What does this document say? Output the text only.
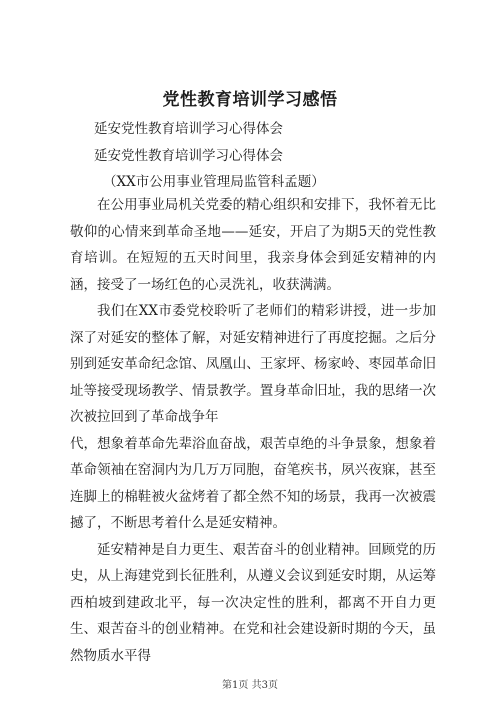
党性教育培训学习感悟
延安党性教育培训学习心得体会
延安党性教育培训学习心得体会
（XX市公用事业管理局监管科孟题）

在公用事业局机关党委的精心组织和安排下，我怀着无比敬仰的心情来到革命圣地——延安，开启了为期5天的党性教育培训。在短短的五天时间里，我亲身体会到延安精神的内涵，接受了一场红色的心灵洗礼，收获满满。

我们在XX市委党校聆听了老师们的精彩讲授，进一步加深了对延安的整体了解，对延安精神进行了再度挖掘。之后分别到延安革命纪念馆、凤凰山、王家坪、杨家岭、枣园革命旧址等接受现场教学、情景教学。置身革命旧址，我的思绪一次次被拉回到了革命战争年

代，想象着革命先辈浴血奋战，艰苦卓绝的斗争景象，想象着革命领袖在窑洞内为几万万同胞，奋笔疾书，夙兴夜寐，甚至连脚上的棉鞋被火盆烤着了都全然不知的场景，我再一次被震撼了，不断思考着什么是延安精神。

延安精神是自力更生、艰苦奋斗的创业精神。回顾党的历史，从上海建党到长征胜利，从遵义会议到延安时期，从运筹西柏坡到建政北平，每一次决定性的胜利，都离不开自力更生、艰苦奋斗的创业精神。在党和社会建设新时期的今天，虽然物质水平得

第1页 共3页
